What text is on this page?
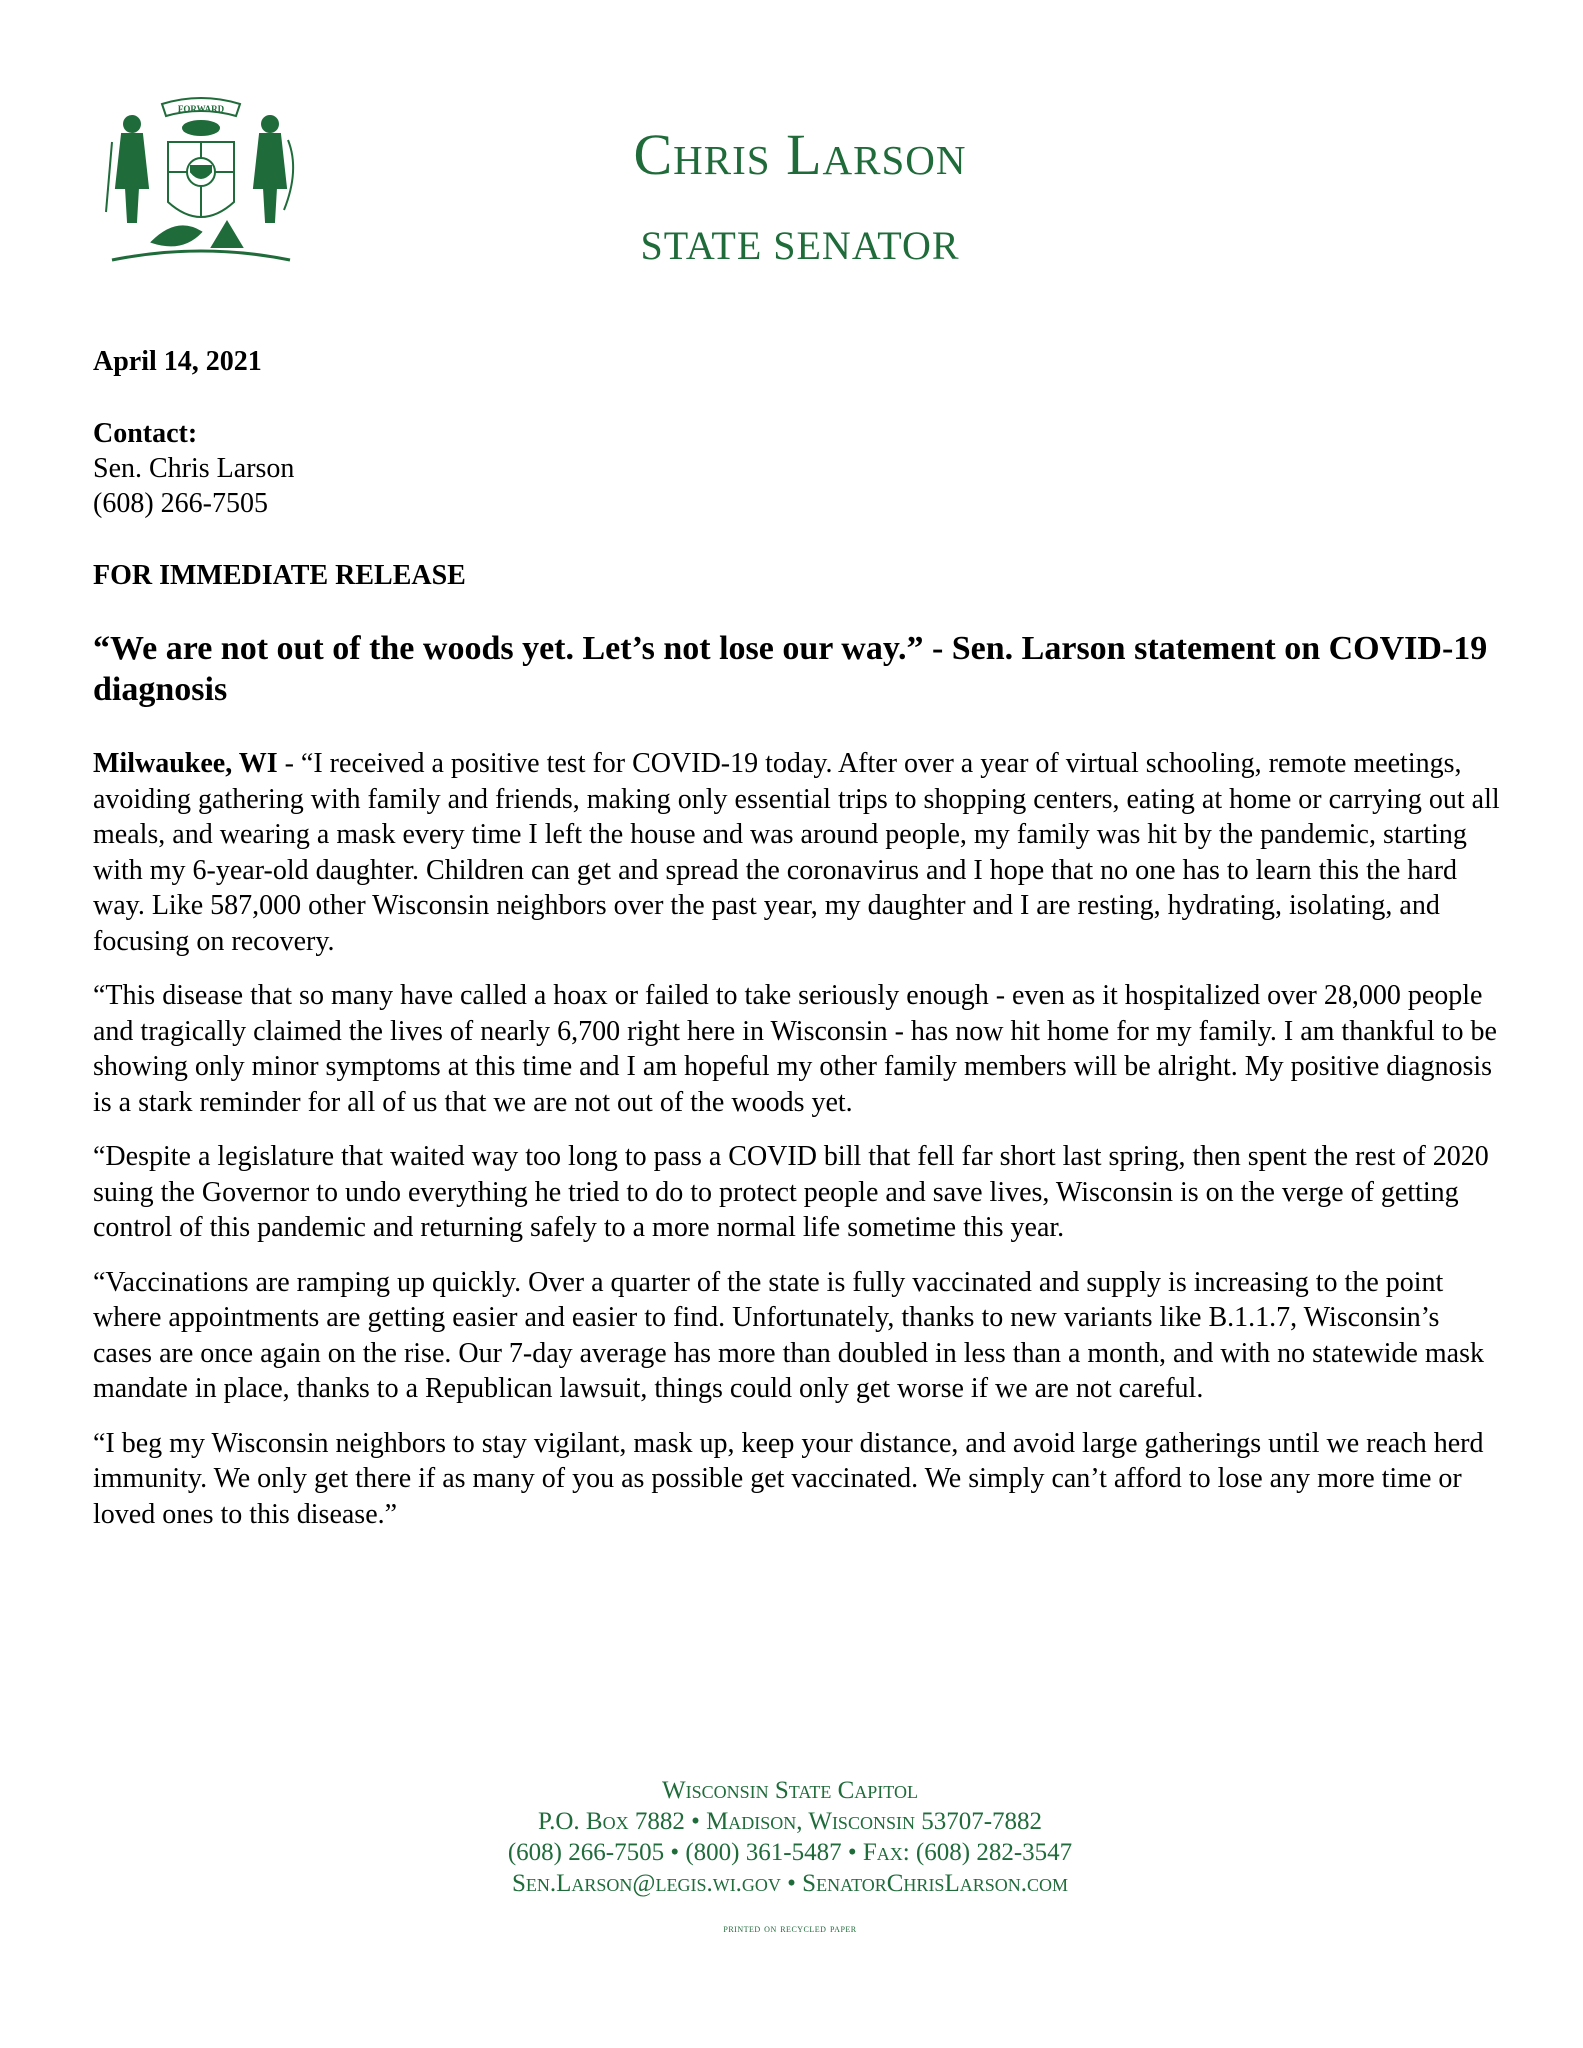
FORWARD
Chris Larson
STATE SENATOR
April 14, 2021
Contact:
Sen. Chris Larson
(608) 266-7505
FOR IMMEDIATE RELEASE
“We are not out of the woods yet. Let’s not lose our way.” - Sen. Larson statement on COVID-19 diagnosis

Milwaukee, WI - “I received a positive test for COVID-19 today. After over a year of virtual schooling, remote meetings, avoiding gathering with family and friends, making only essential trips to shopping centers, eating at home or carrying out all meals, and wearing a mask every time I left the house and was around people, my family was hit by the pandemic, starting with my 6-year-old daughter. Children can get and spread the coronavirus and I hope that no one has to learn this the hard way. Like 587,000 other Wisconsin neighbors over the past year, my daughter and I are resting, hydrating, isolating, and focusing on recovery.

“This disease that so many have called a hoax or failed to take seriously enough - even as it hospitalized over 28,000 people and tragically claimed the lives of nearly 6,700 right here in Wisconsin - has now hit home for my family. I am thankful to be showing only minor symptoms at this time and I am hopeful my other family members will be alright. My positive diagnosis is a stark reminder for all of us that we are not out of the woods yet.

“Despite a legislature that waited way too long to pass a COVID bill that fell far short last spring, then spent the rest of 2020 suing the Governor to undo everything he tried to do to protect people and save lives, Wisconsin is on the verge of getting control of this pandemic and returning safely to a more normal life sometime this year.

“Vaccinations are ramping up quickly. Over a quarter of the state is fully vaccinated and supply is increasing to the point where appointments are getting easier and easier to find. Unfortunately, thanks to new variants like B.1.1.7, Wisconsin’s cases are once again on the rise. Our 7-day average has more than doubled in less than a month, and with no statewide mask mandate in place, thanks to a Republican lawsuit, things could only get worse if we are not careful.

“I beg my Wisconsin neighbors to stay vigilant, mask up, keep your distance, and avoid large gatherings until we reach herd immunity. We only get there if as many of you as possible get vaccinated. We simply can’t afford to lose any more time or loved ones to this disease.”

Wisconsin State Capitol
P.O. Box 7882 • Madison, Wisconsin 53707-7882
(608) 266-7505 • (800) 361-5487 • Fax: (608) 282-3547
Sen.Larson@legis.wi.gov • SenatorChrisLarson.com
printed on recycled paper
